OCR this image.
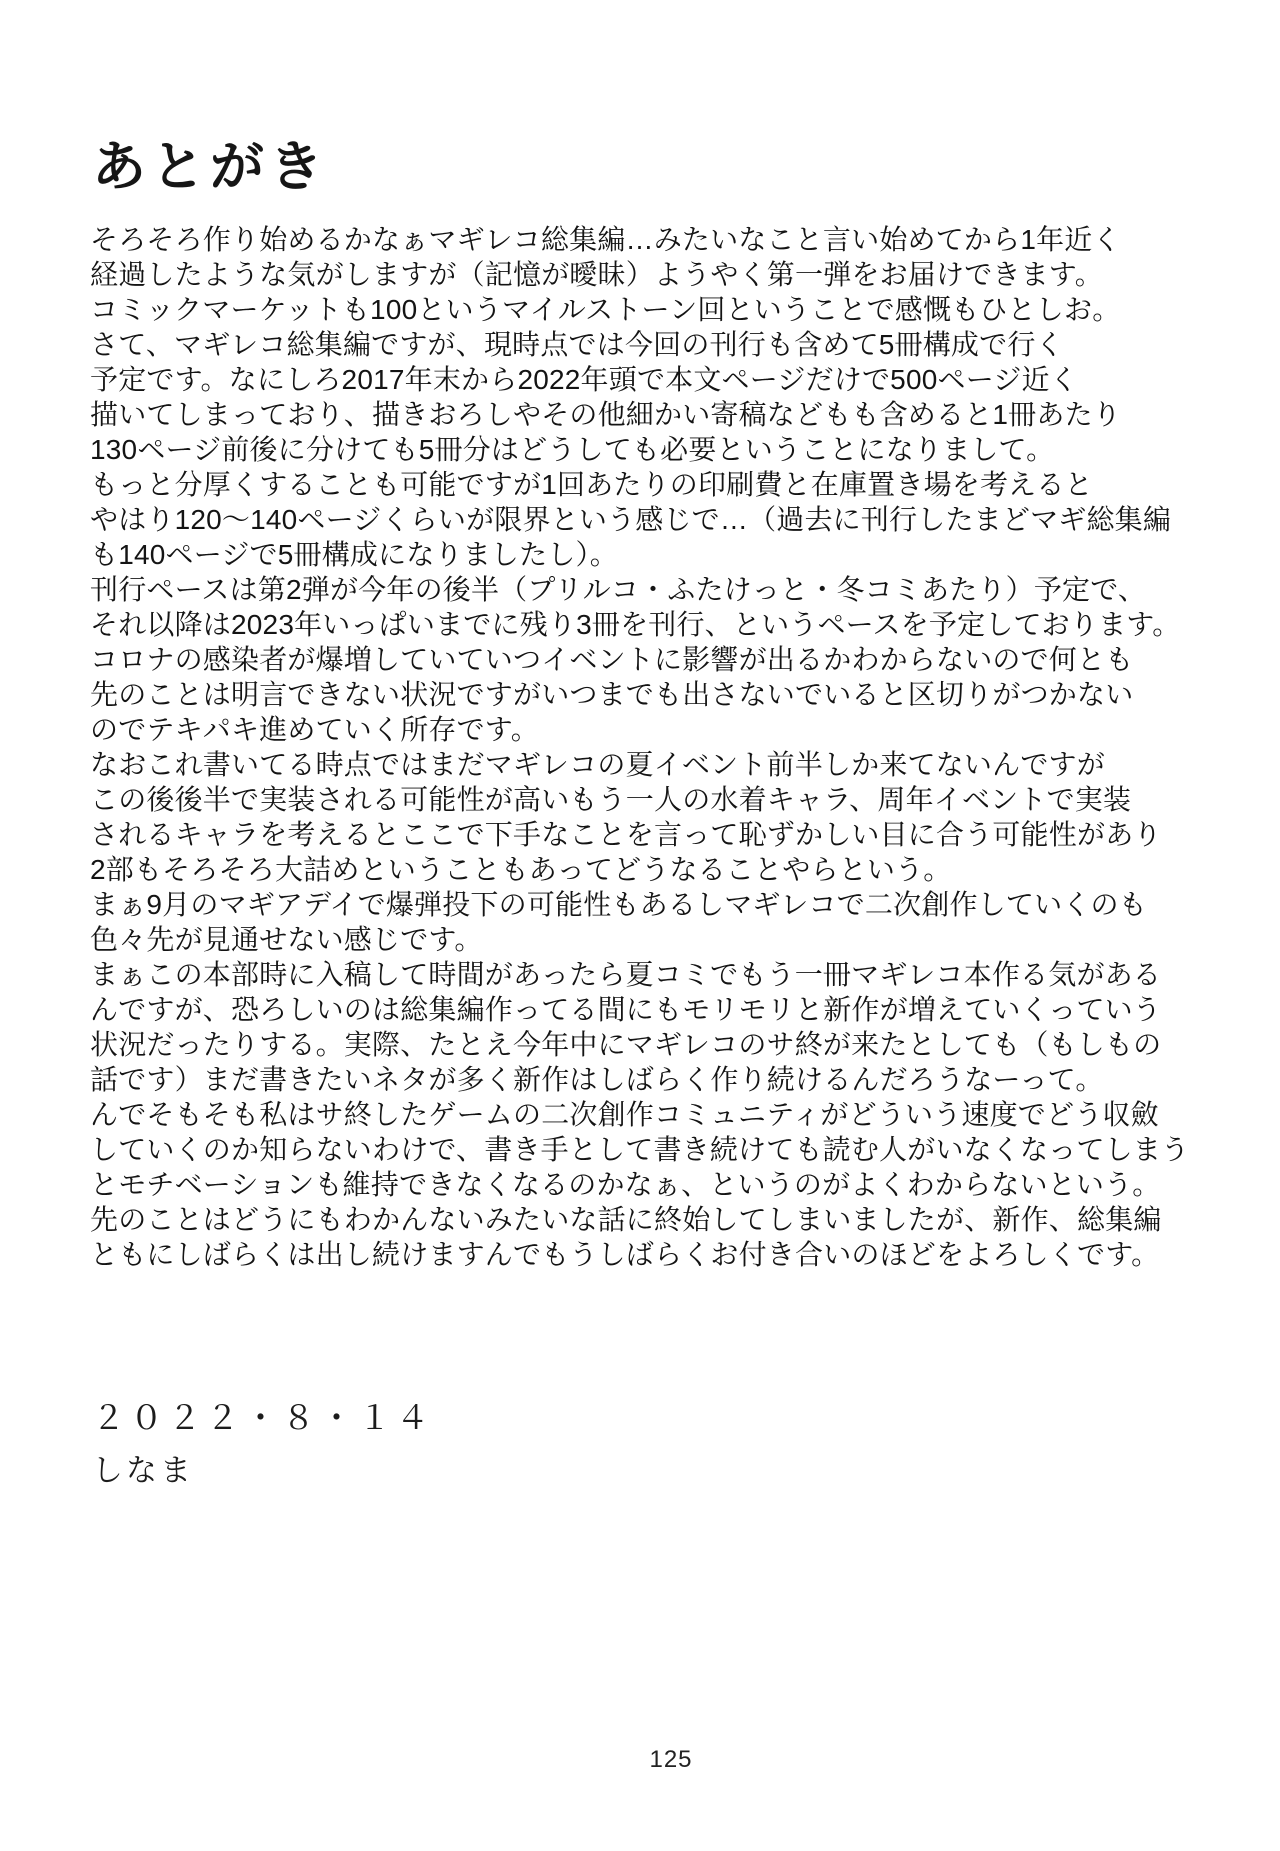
あとがき
そろそろ作り始めるかなぁマギレコ総集編…みたいなこと言い始めてから1年近く
経過したような気がしますが（記憶が曖昧）ようやく第一弾をお届けできます。
コミックマーケットも100というマイルストーン回ということで感慨もひとしお。
さて、マギレコ総集編ですが、現時点では今回の刊行も含めて5冊構成で行く
予定です。なにしろ2017年末から2022年頭で本文ページだけで500ページ近く
描いてしまっており、描きおろしやその他細かい寄稿などもも含めると1冊あたり
130ページ前後に分けても5冊分はどうしても必要ということになりまして。
もっと分厚くすることも可能ですが1回あたりの印刷費と在庫置き場を考えると
やはり120～140ページくらいが限界という感じで…（過去に刊行したまどマギ総集編
も140ページで5冊構成になりましたし）。
刊行ペースは第2弾が今年の後半（プリルコ・ふたけっと・冬コミあたり）予定で、
それ以降は2023年いっぱいまでに残り3冊を刊行、というペースを予定しております。
コロナの感染者が爆増していていつイベントに影響が出るかわからないので何とも
先のことは明言できない状況ですがいつまでも出さないでいると区切りがつかない
のでテキパキ進めていく所存です。
なおこれ書いてる時点ではまだマギレコの夏イベント前半しか来てないんですが
この後後半で実装される可能性が高いもう一人の水着キャラ、周年イベントで実装
されるキャラを考えるとここで下手なことを言って恥ずかしい目に合う可能性があり
2部もそろそろ大詰めということもあってどうなることやらという。
まぁ9月のマギアデイで爆弾投下の可能性もあるしマギレコで二次創作していくのも
色々先が見通せない感じです。
まぁこの本部時に入稿して時間があったら夏コミでもう一冊マギレコ本作る気がある
んですが、恐ろしいのは総集編作ってる間にもモリモリと新作が増えていくっていう
状況だったりする。実際、たとえ今年中にマギレコのサ終が来たとしても（もしもの
話です）まだ書きたいネタが多く新作はしばらく作り続けるんだろうなーって。
んでそもそも私はサ終したゲームの二次創作コミュニティがどういう速度でどう収斂
していくのか知らないわけで、書き手として書き続けても読む人がいなくなってしまう
とモチベーションも維持できなくなるのかなぁ、というのがよくわからないという。
先のことはどうにもわかんないみたいな話に終始してしまいましたが、新作、総集編
ともにしばらくは出し続けますんでもうしばらくお付き合いのほどをよろしくです。
２０２２・８・１４
しなま
125
